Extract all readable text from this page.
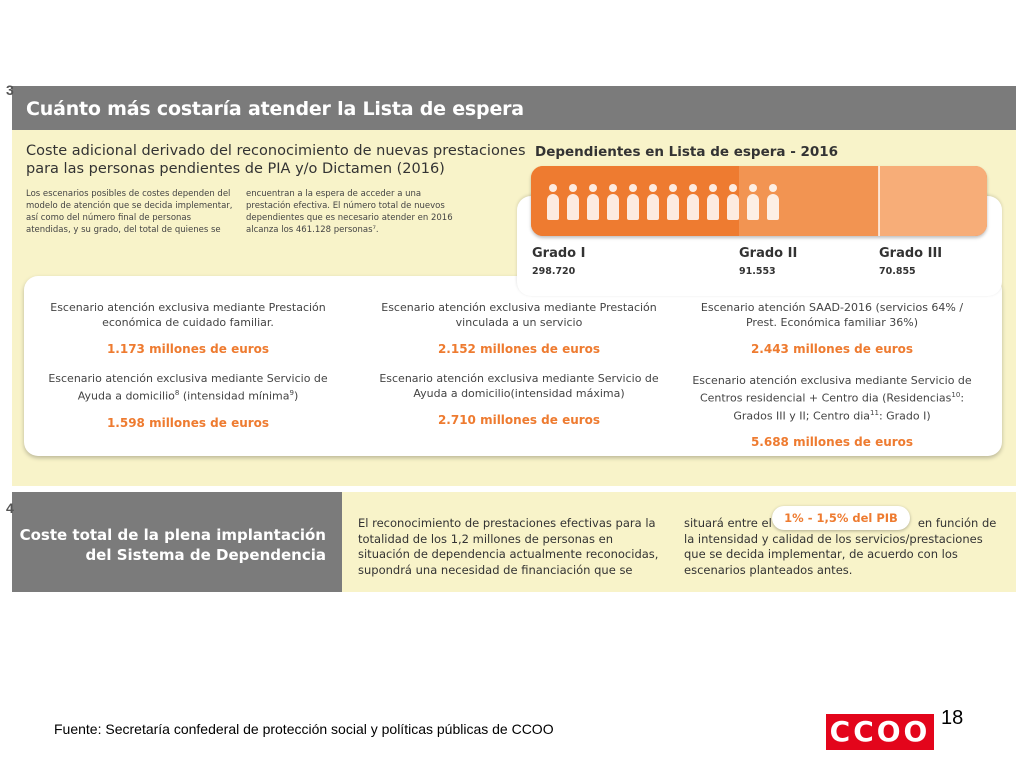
3
Cuánto más costaría atender la Lista de espera
Coste adicional derivado del reconocimiento de nuevas prestaciones para las personas pendientes de PIA y/o Dictamen (2016)
Los escenarios posibles de costes dependen del modelo de atención que se decida implementar, así como del número final de personas atendidas, y su grado, del total de quienes se
encuentran a la espera de acceder a una prestación efectiva. El número total de nuevos dependientes que es necesario atender en 2016 alcanza los 461.128 personas⁷.
Dependientes en Lista de espera - 2016
Grado I
298.720
Grado II
91.553
Grado III
70.855
Escenario atención exclusiva mediante Prestación económica de cuidado familiar.
1.173 millones de euros
Escenario atención exclusiva mediante Prestación vinculada a un servicio
2.152 millones de euros
Escenario atención SAAD-2016 (servicios 64% / Prest. Económica familiar 36%)
2.443 millones de euros
Escenario atención exclusiva mediante Servicio de Ayuda a domicilio$^8$ (intensidad mínima$^9$)
1.598 millones de euros
Escenario atención exclusiva mediante Servicio de Ayuda a domicilio(intensidad máxima)
2.710 millones de euros
Escenario atención exclusiva mediante Servicio de Centros residencial + Centro dia (Residencias$^{10}$: Grados III y II; Centro dia$^{11}$: Grado I)
5.688 millones de euros
4
Coste total de la plena implantación
del Sistema de Dependencia
El reconocimiento de prestaciones efectivas para la totalidad de los 1,2 millones de personas en situación de dependencia actualmente reconocidas, supondrá una necesidad de financiación que se
situará entre el	en función de la intensidad y calidad de los servicios/prestaciones que se decida implementar, de acuerdo con los escenarios planteados antes.
1% - 1,5% del PIB
Fuente: Secretaría confederal de protección social y políticas públicas de CCOO	18
CCOO
